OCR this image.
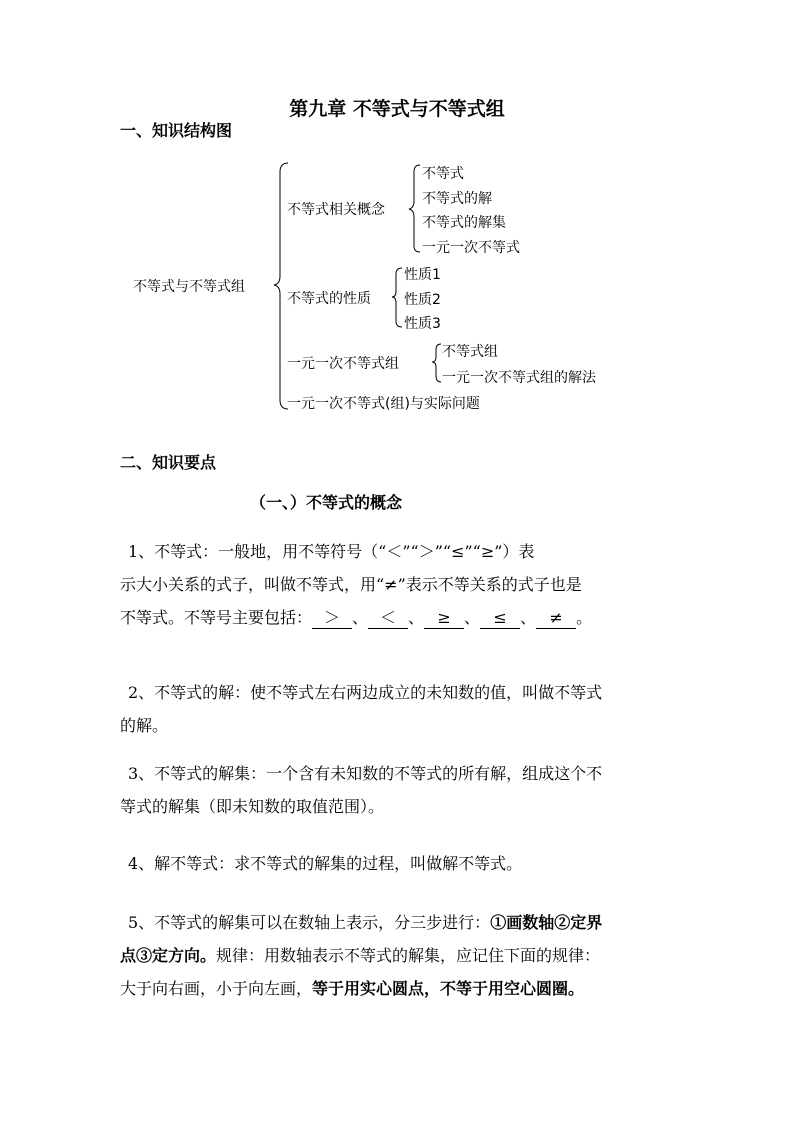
第九章 不等式与不等式组
一、知识结构图
不等式与不等式组
不等式相关概念
不等式
不等式的解
不等式的解集
一元一次不等式
不等式的性质
性质1
性质2
性质3
一元一次不等式组
不等式组
一元一次不等式组的解法
一元一次不等式(组)与实际问题
二、知识要点
（一、）不等式的概念
1、不等式：一般地，用不等符号（“＜”“＞”“≤”“≥”）表
示大小关系的式子，叫做不等式，用“≠”表示不等关系的式子也是
不等式。不等号主要包括： ＞ 、 ＜ 、 ≥ 、 ≤ 、 ≠ 。
2、不等式的解：使不等式左右两边成立的未知数的值，叫做不等式
的解。
3、不等式的解集：一个含有未知数的不等式的所有解，组成这个不
等式的解集（即未知数的取值范围）。
4、解不等式：求不等式的解集的过程，叫做解不等式。
5、不等式的解集可以在数轴上表示，分三步进行：①画数轴②定界
点③定方向。规律：用数轴表示不等式的解集，应记住下面的规律：
大于向右画，小于向左画，等于用实心圆点，不等于用空心圆圈。
